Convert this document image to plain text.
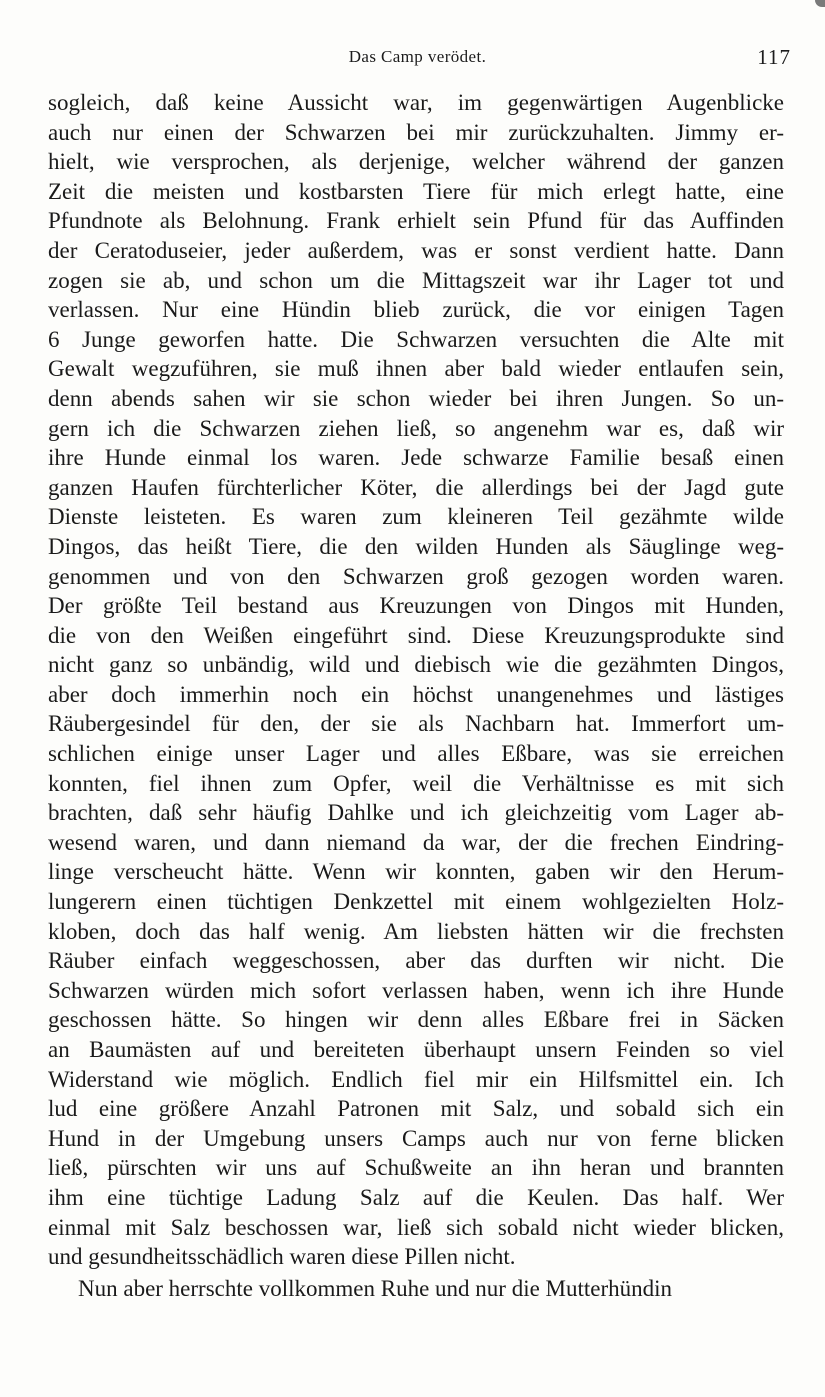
Das Camp verödet.	117
sogleich, daß keine Aussicht war, im gegenwärtigen Augenblicke
auch nur einen der Schwarzen bei mir zurückzuhalten. Jimmy er-
hielt, wie versprochen, als derjenige, welcher während der ganzen
Zeit die meisten und kostbarsten Tiere für mich erlegt hatte, eine
Pfundnote als Belohnung. Frank erhielt sein Pfund für das Auffinden
der Ceratoduseier, jeder außerdem, was er sonst verdient hatte. Dann
zogen sie ab, und schon um die Mittagszeit war ihr Lager tot und
verlassen. Nur eine Hündin blieb zurück, die vor einigen Tagen
6 Junge geworfen hatte. Die Schwarzen versuchten die Alte mit
Gewalt wegzuführen, sie muß ihnen aber bald wieder entlaufen sein,
denn abends sahen wir sie schon wieder bei ihren Jungen. So un-
gern ich die Schwarzen ziehen ließ, so angenehm war es, daß wir
ihre Hunde einmal los waren. Jede schwarze Familie besaß einen
ganzen Haufen fürchterlicher Köter, die allerdings bei der Jagd gute
Dienste leisteten. Es waren zum kleineren Teil gezähmte wilde
Dingos, das heißt Tiere, die den wilden Hunden als Säuglinge weg-
genommen und von den Schwarzen groß gezogen worden waren.
Der größte Teil bestand aus Kreuzungen von Dingos mit Hunden,
die von den Weißen eingeführt sind. Diese Kreuzungsprodukte sind
nicht ganz so unbändig, wild und diebisch wie die gezähmten Dingos,
aber doch immerhin noch ein höchst unangenehmes und lästiges
Räubergesindel für den, der sie als Nachbarn hat. Immerfort um-
schlichen einige unser Lager und alles Eßbare, was sie erreichen
konnten, fiel ihnen zum Opfer, weil die Verhältnisse es mit sich
brachten, daß sehr häufig Dahlke und ich gleichzeitig vom Lager ab-
wesend waren, und dann niemand da war, der die frechen Eindring-
linge verscheucht hätte. Wenn wir konnten, gaben wir den Herum-
lungerern einen tüchtigen Denkzettel mit einem wohlgezielten Holz-
kloben, doch das half wenig. Am liebsten hätten wir die frechsten
Räuber einfach weggeschossen, aber das durften wir nicht. Die
Schwarzen würden mich sofort verlassen haben, wenn ich ihre Hunde
geschossen hätte. So hingen wir denn alles Eßbare frei in Säcken
an Baumästen auf und bereiteten überhaupt unsern Feinden so viel
Widerstand wie möglich. Endlich fiel mir ein Hilfsmittel ein. Ich
lud eine größere Anzahl Patronen mit Salz, und sobald sich ein
Hund in der Umgebung unsers Camps auch nur von ferne blicken
ließ, pürschten wir uns auf Schußweite an ihn heran und brannten
ihm eine tüchtige Ladung Salz auf die Keulen. Das half. Wer
einmal mit Salz beschossen war, ließ sich sobald nicht wieder blicken,
und gesundheitsschädlich waren diese Pillen nicht.
Nun aber herrschte vollkommen Ruhe und nur die Mutterhündin
